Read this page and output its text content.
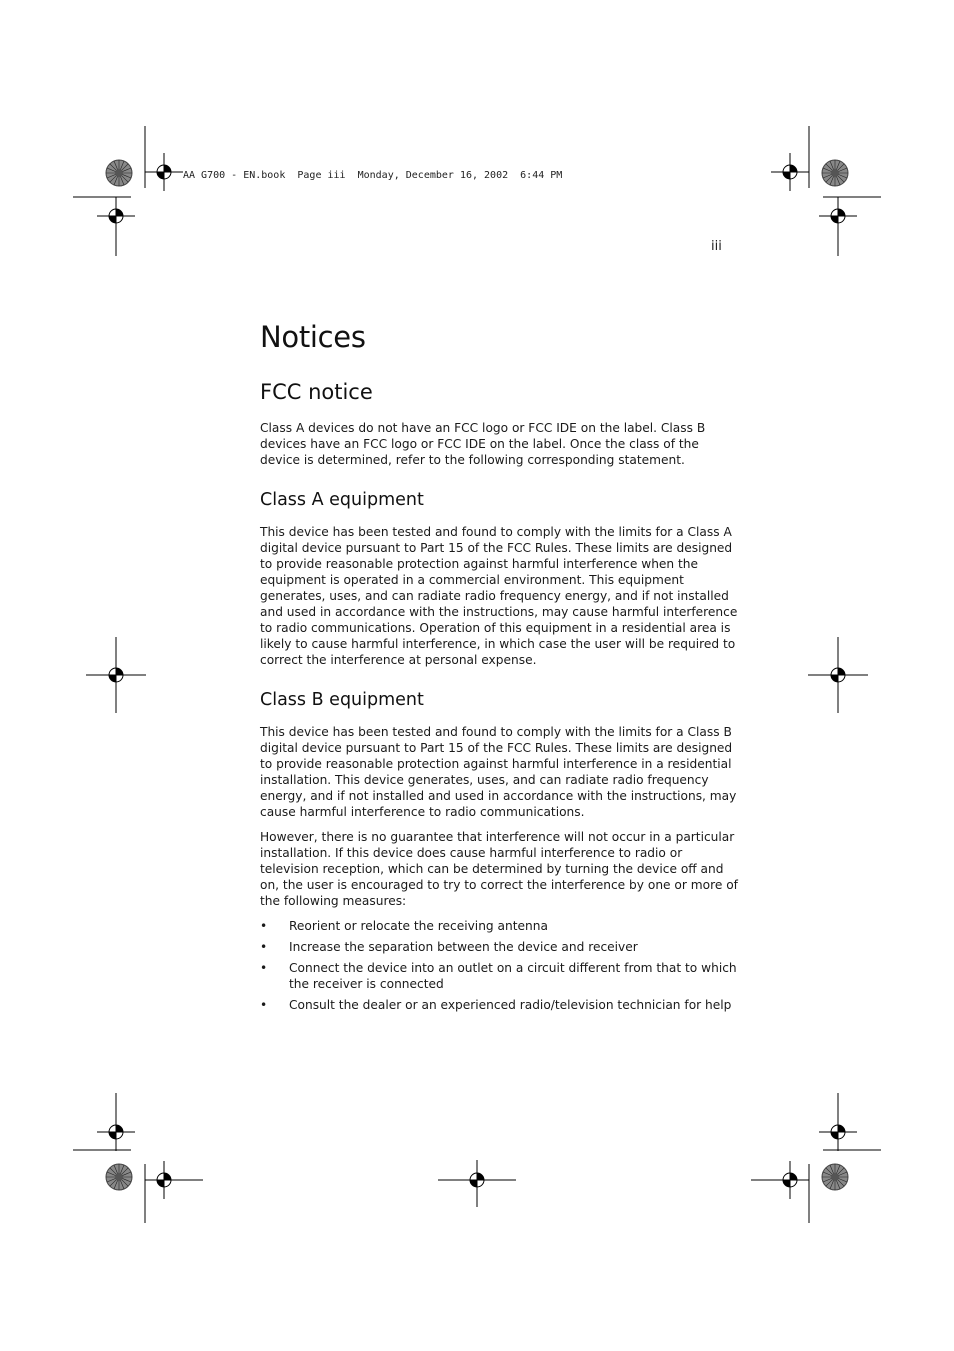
AA G700 - EN.book  Page iii  Monday, December 16, 2002  6:44 PM
iii
Notices
FCC notice

Class A devices do not have an FCC logo or FCC IDE on the label. Class B devices have an FCC logo or FCC IDE on the label. Once the class of the device is determined, refer to the following corresponding statement.

Class A equipment

This device has been tested and found to comply with the limits for a Class A digital device pursuant to Part 15 of the FCC Rules. These limits are designed to provide reasonable protection against harmful interference when the equipment is operated in a commercial environment. This equipment generates, uses, and can radiate radio frequency energy, and if not installed and used in accordance with the instructions, may cause harmful interference to radio communications. Operation of this equipment in a residential area is likely to cause harmful interference, in which case the user will be required to correct the interference at personal expense.

Class B equipment

This device has been tested and found to comply with the limits for a Class B digital device pursuant to Part 15 of the FCC Rules. These limits are designed to provide reasonable protection against harmful interference in a residential installation. This device generates, uses, and can radiate radio frequency energy, and if not installed and used in accordance with the instructions, may cause harmful interference to radio communications.

However, there is no guarantee that interference will not occur in a particular installation. If this device does cause harmful interference to radio or television reception, which can be determined by turning the device off and on, the user is encouraged to try to correct the interference by one or more of the following measures:

• Reorient or relocate the receiving antenna
• Increase the separation between the device and receiver
• Connect the device into an outlet on a circuit different from that to which the receiver is connected
• Consult the dealer or an experienced radio/television technician for help
